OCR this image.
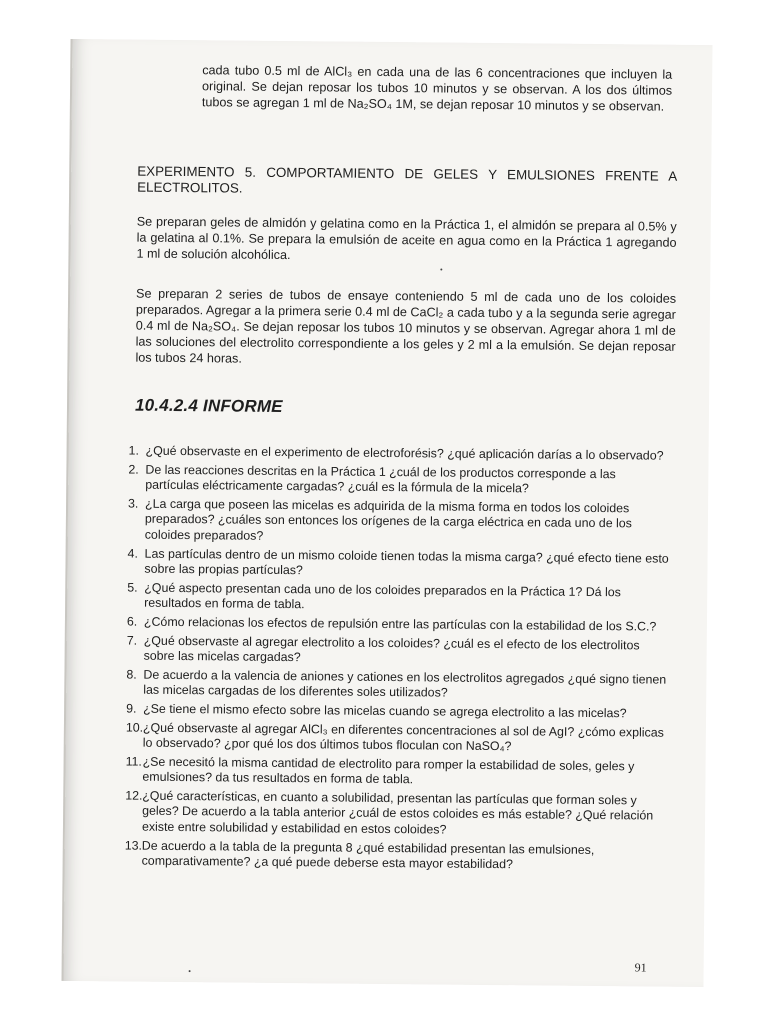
cada tubo 0.5 ml de AlCl₃ en cada una de las 6 concentraciones que incluyen la original. Se dejan reposar los tubos 10 minutos y se observan. A los dos últimos tubos se agregan 1 ml de Na₂SO₄ 1M, se dejan reposar 10 minutos y se observan.

EXPERIMENTO 5. COMPORTAMIENTO DE GELES Y EMULSIONES FRENTE A ELECTROLITOS.

Se preparan geles de almidón y gelatina como en la Práctica 1, el almidón se prepara al 0.5% y la gelatina al 0.1%. Se prepara la emulsión de aceite en agua como en la Práctica 1 agregando 1 ml de solución alcohólica.

Se preparan 2 series de tubos de ensaye conteniendo 5 ml de cada uno de los coloides preparados. Agregar a la primera serie 0.4 ml de CaCl₂ a cada tubo y a la segunda serie agregar 0.4 ml de Na₂SO₄. Se dejan reposar los tubos 10 minutos y se observan. Agregar ahora 1 ml de las soluciones del electrolito correspondiente a los geles y 2 ml a la emulsión. Se dejan reposar los tubos 24 horas.

10.4.2.4 INFORME
1. ¿Qué observaste en el experimento de electroforésis? ¿qué aplicación darías a lo observado?
2. De las reacciones descritas en la Práctica 1 ¿cuál de los productos corresponde a las partículas eléctricamente cargadas? ¿cuál es la fórmula de la micela?
3. ¿La carga que poseen las micelas es adquirida de la misma forma en todos los coloides preparados? ¿cuáles son entonces los orígenes de la carga eléctrica en cada uno de los coloides preparados?
4. Las partículas dentro de un mismo coloide tienen todas la misma carga? ¿qué efecto tiene esto sobre las propias partículas?
5. ¿Qué aspecto presentan cada uno de los coloides preparados en la Práctica 1? Dá los resultados en forma de tabla.
6. ¿Cómo relacionas los efectos de repulsión entre las partículas con la estabilidad de los S.C.?
7. ¿Qué observaste al agregar electrolito a los coloides? ¿cuál es el efecto de los electrolitos sobre las micelas cargadas?
8. De acuerdo a la valencia de aniones y cationes en los electrolitos agregados ¿qué signo tienen las micelas cargadas de los diferentes soles utilizados?
9. ¿Se tiene el mismo efecto sobre las micelas cuando se agrega electrolito a las micelas?
10. ¿Qué observaste al agregar AlCl₃ en diferentes concentraciones al sol de AgI? ¿cómo explicas lo observado? ¿por qué los dos últimos tubos floculan con NaSO₄?
11. ¿Se necesitó la misma cantidad de electrolito para romper la estabilidad de soles, geles y emulsiones? da tus resultados en forma de tabla.
12. ¿Qué características, en cuanto a solubilidad, presentan las partículas que forman soles y geles? De acuerdo a la tabla anterior ¿cuál de estos coloides es más estable? ¿Qué relación existe entre solubilidad y estabilidad en estos coloides?
13. De acuerdo a la tabla de la pregunta 8 ¿qué estabilidad presentan las emulsiones, comparativamente? ¿a qué puede deberse esta mayor estabilidad?
91
